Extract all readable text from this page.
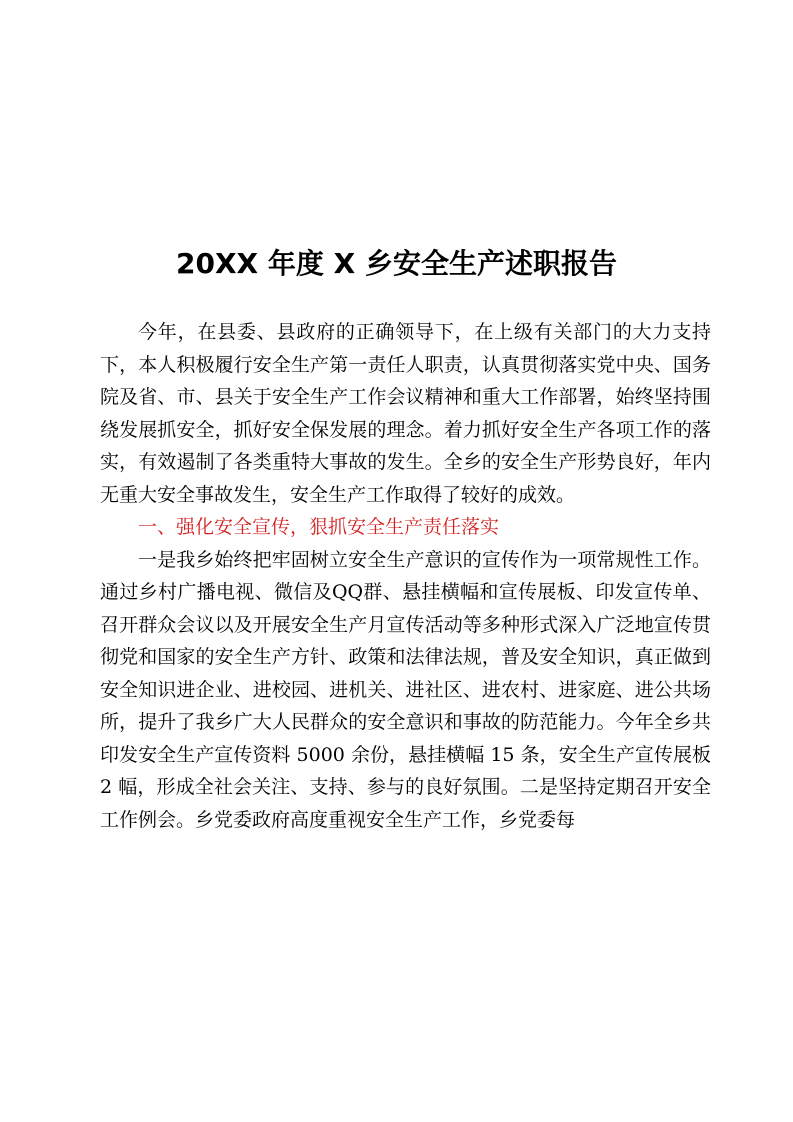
20XX 年度 X 乡安全生产述职报告

今年，在县委、县政府的正确领导下，在上级有关部门的大力支持下，本人积极履行安全生产第一责任人职责，认真贯彻落实党中央、国务院及省、市、县关于安全生产工作会议精神和重大工作部署，始终坚持围绕发展抓安全，抓好安全保发展的理念。着力抓好安全生产各项工作的落实，有效遏制了各类重特大事故的发生。全乡的安全生产形势良好，年内无重大安全事故发生，安全生产工作取得了较好的成效。

一、强化安全宣传，狠抓安全生产责任落实

一是我乡始终把牢固树立安全生产意识的宣传作为一项常规性工作。通过乡村广播电视、微信及QQ群、悬挂横幅和宣传展板、印发宣传单、召开群众会议以及开展安全生产月宣传活动等多种形式深入广泛地宣传贯彻党和国家的安全生产方针、政策和法律法规，普及安全知识，真正做到安全知识进企业、进校园、进机关、进社区、进农村、进家庭、进公共场所，提升了我乡广大人民群众的安全意识和事故的防范能力。今年全乡共印发安全生产宣传资料 5000 余份，悬挂横幅 15 条，安全生产宣传展板 2 幅，形成全社会关注、支持、参与的良好氛围。二是坚持定期召开安全工作例会。乡党委政府高度重视安全生产工作，乡党委每
